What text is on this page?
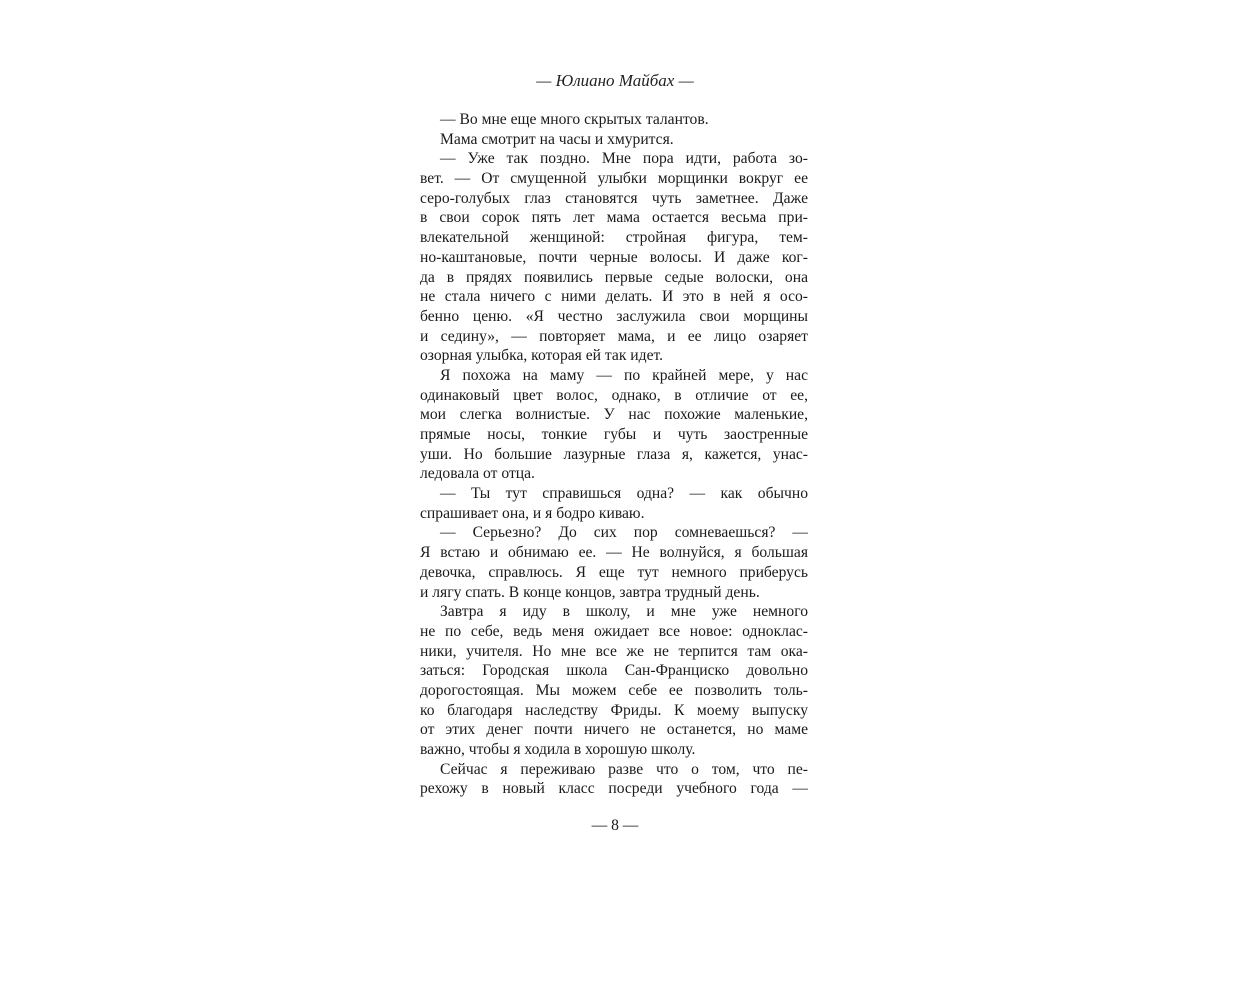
— Юлиано Майбах —
— Во мне еще много скрытых талантов.
Мама смотрит на часы и хмурится.
— Уже так поздно. Мне пора идти, работа зо-
вет. — От смущенной улыбки морщинки вокруг ее
серо-голубых глаз становятся чуть заметнее. Даже
в свои сорок пять лет мама остается весьма при-
влекательной женщиной: стройная фигура, тем-
но-каштановые, почти черные волосы. И даже ког-
да в прядях появились первые седые волоски, она
не стала ничего с ними делать. И это в ней я осо-
бенно ценю. «Я честно заслужила свои морщины
и седину», — повторяет мама, и ее лицо озаряет
озорная улыбка, которая ей так идет.
Я похожа на маму — по крайней мере, у нас
одинаковый цвет волос, однако, в отличие от ее,
мои слегка волнистые. У нас похожие маленькие,
прямые носы, тонкие губы и чуть заостренные
уши. Но большие лазурные глаза я, кажется, унас-
ледовала от отца.
— Ты тут справишься одна? — как обычно
спрашивает она, и я бодро киваю.
— Серьезно? До сих пор сомневаешься? —
Я встаю и обнимаю ее. — Не волнуйся, я большая
девочка, справлюсь. Я еще тут немного приберусь
и лягу спать. В конце концов, завтра трудный день.
Завтра я иду в школу, и мне уже немного
не по себе, ведь меня ожидает все новое: одноклас-
ники, учителя. Но мне все же не терпится там ока-
заться: Городская школа Сан-Франциско довольно
дорогостоящая. Мы можем себе ее позволить толь-
ко благодаря наследству Фриды. К моему выпуску
от этих денег почти ничего не останется, но маме
важно, чтобы я ходила в хорошую школу.
Сейчас я переживаю разве что о том, что пе-
рехожу в новый класс посреди учебного года —
— 8 —
